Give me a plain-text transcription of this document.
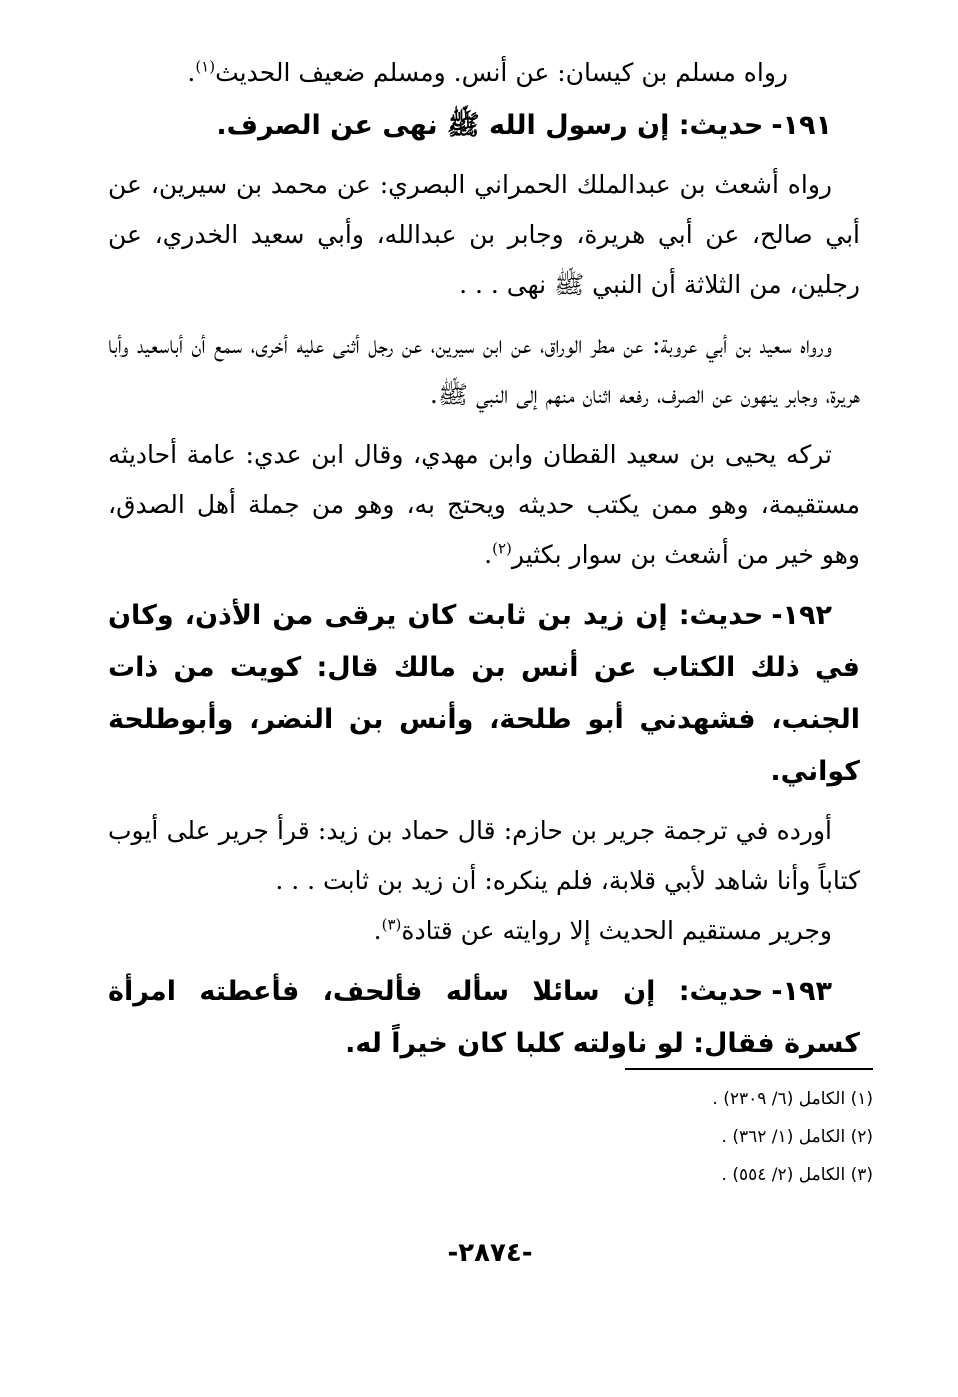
رواه مسلم بن كيسان: عن أنس. ومسلم ضعيف الحديث$^{(١)}$.

١٩١-حديث: إن رسول الله ﷺ نهى عن الصرف.

رواه أشعث بن عبدالملك الحمراني البصري: عن محمد بن سيرين، عن أبي صالح، عن أبي هريرة، وجابر بن عبدالله، وأبي سعيد الخدري، عن رجلين، من الثلاثة أن النبي ﷺ نهى . . .

ورواه سعيد بن أبي عروبة: عن مطر الوراق، عن ابن سيرين، عن رجل أثنى عليه أخرى، سمع أن أباسعيد وأبا هريرة، وجابر ينهون عن الصرف، رفعه اثنان منهم إلى النبي ﷺ.

تركه يحيى بن سعيد القطان وابن مهدي، وقال ابن عدي: عامة أحاديثه مستقيمة، وهو ممن يكتب حديثه ويحتج به، وهو من جملة أهل الصدق، وهو خير من أشعث بن سوار بكثير$^{(٢)}$.

١٩٢-حديث: إن زيد بن ثابت كان يرقى من الأذن، وكان في ذلك الكتاب عن أنس بن مالك قال: كويت من ذات الجنب، فشهدني أبو طلحة، وأنس بن النضر، وأبوطلحة كواني.

أورده في ترجمة جرير بن حازم: قال حماد بن زيد: قرأ جرير على أيوب كتاباً وأنا شاهد لأبي قلابة، فلم ينكره: أن زيد بن ثابت . . .

وجرير مستقيم الحديث إلا روايته عن قتادة$^{(٣)}$.

١٩٣-حديث: إن سائلا سأله فألحف، فأعطته امرأة كسرة فقال: لو ناولته كلبا كان خيراً له.

(١) الكامل (٦/ ٢٣٠٩) .
(٢) الكامل (١/ ٣٦٢) .
(٣) الكامل (٢/ ٥٥٤) .
-٢٨٧٤-
